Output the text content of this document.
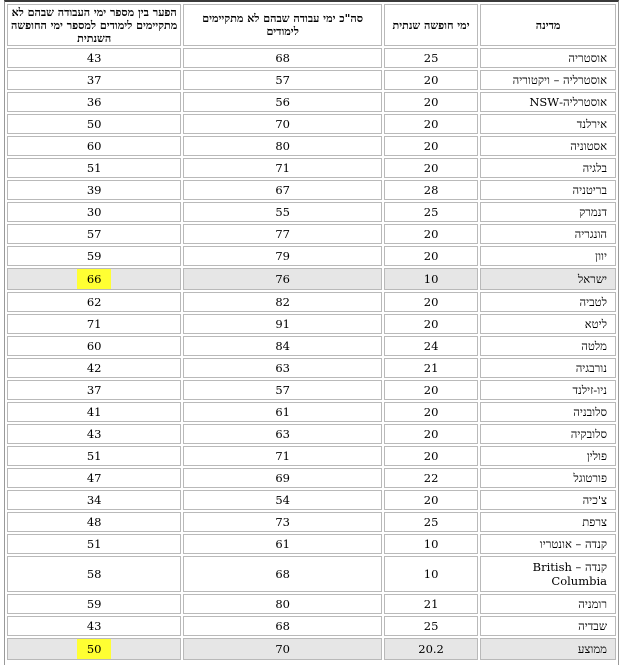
מדינה	ימי חופשה שנתית	סה"כ ימי עבודה שבהם לא מתקיימים לימודים	הפער בין מספר ימי העבודה שבהם לא מתקיימים לימודים למספר ימי החופשה השנתית
אוסטריה	25	68	43
אוסטרליה – ויקטוריה	20	57	37
אוסטרליה-NSW	20	56	36
אירלנד	20	70	50
אסטוניה	20	80	60
בלגיה	20	71	51
בריטניה	28	67	39
דנמרק	25	55	30
הונגריה	20	77	57
יוון	20	79	59
ישראל	10	76	66
לטביה	20	82	62
ליטא	20	91	71
מלטה	24	84	60
נורבגיה	21	63	42
ניו-זילנד	20	57	37
סלובניה	20	61	41
סלובקיה	20	63	43
פולין	20	71	51
פורטוגל	22	69	47
צ'כיה	20	54	34
צרפת	25	73	48
קנדה – אונטריו	10	61	51
קנדה – British Columbia	10	68	58
רומניה	21	80	59
שבדיה	25	68	43
ממוצע	20.2	70	50
